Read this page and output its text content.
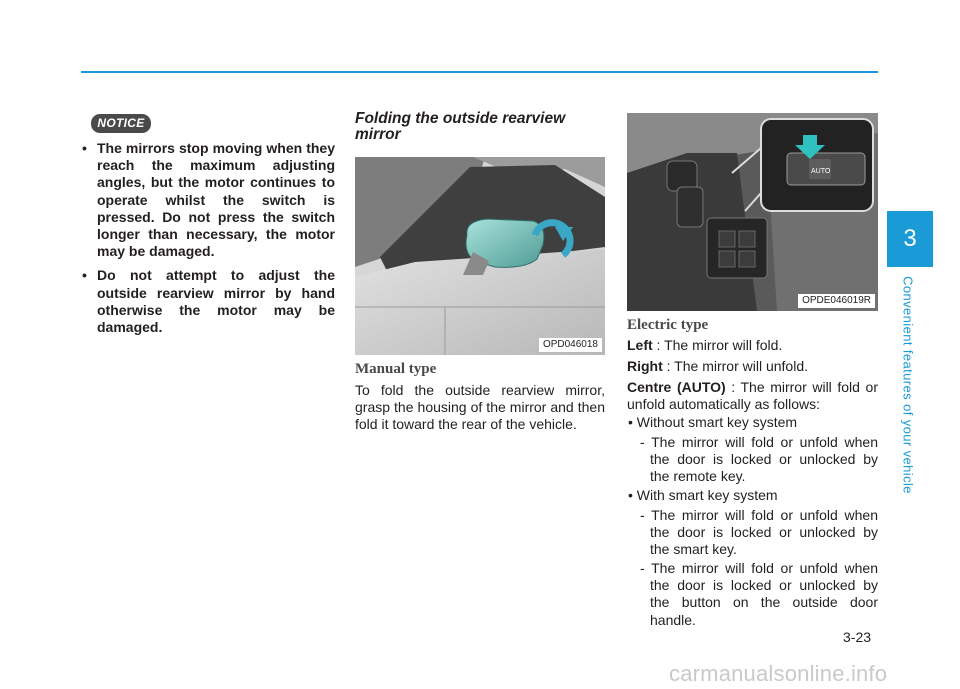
NOTICE
• The mirrors stop moving when they reach the maximum adjusting angles, but the motor continues to operate whilst the switch is pressed. Do not press the switch longer than necessary, the motor may be damaged.
• Do not attempt to adjust the outside rearview mirror by hand otherwise the motor may be damaged.
Folding the outside rearview mirror
OPD046018
Manual type

To fold the outside rearview mirror, grasp the housing of the mirror and then fold it toward the rear of the vehicle.

AUTO
OPDE046019R
Electric type

Left : The mirror will fold.

Right : The mirror will unfold.

Centre (AUTO) : The mirror will fold or unfold automatically as follows:

• Without smart key system

- The mirror will fold or unfold when the door is locked or unlocked by the remote key.

• With smart key system

- The mirror will fold or unfold when the door is locked or unlocked by the smart key.

- The mirror will fold or unfold when the door is locked or unlocked by the button on the outside door handle.

3
Convenient features of your vehicle
3-23
carmanualsonline.info
